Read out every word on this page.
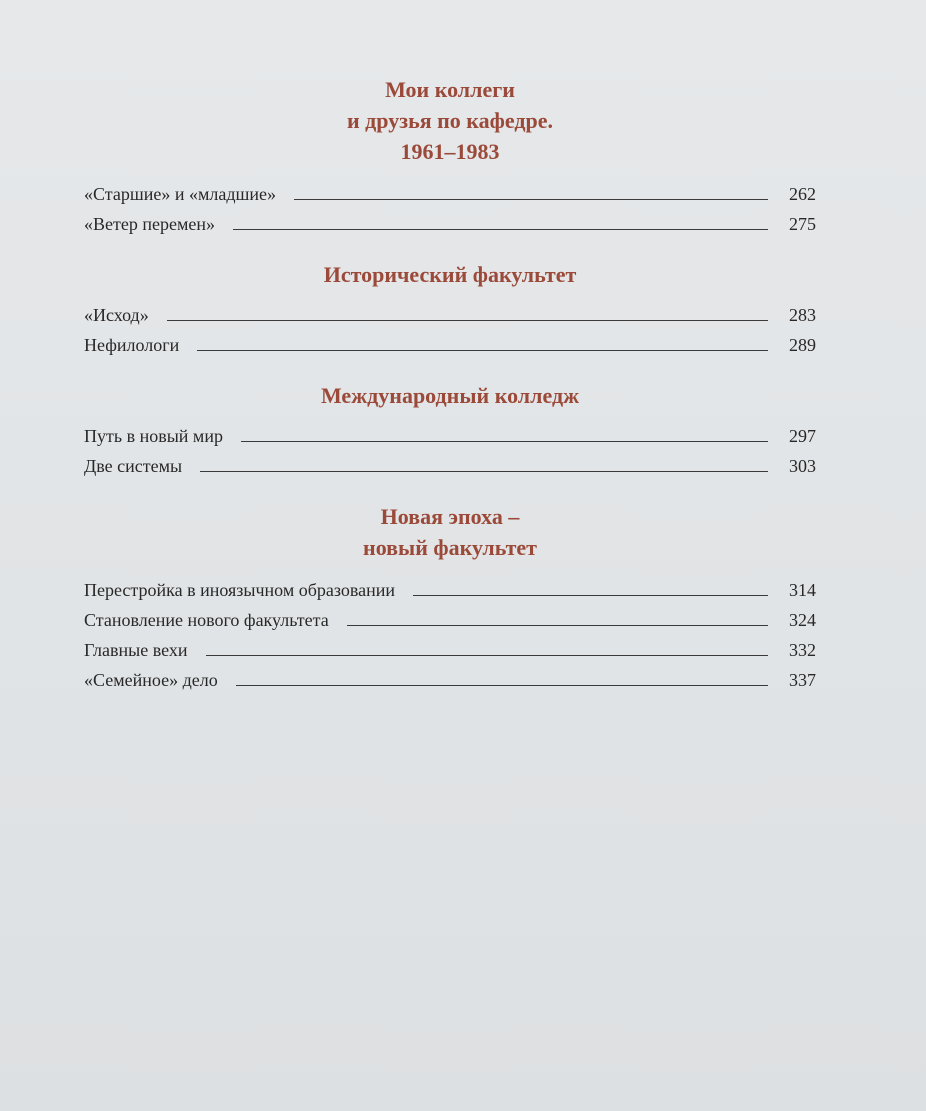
Мои коллеги
и друзья по кафедре.
1961–1983
«Старшие» и «младшие»	262
«Ветер перемен»	275
Исторический факультет
«Исход»	283
Нефилологи	289
Международный колледж
Путь в новый мир	297
Две системы	303
Новая эпоха –
новый факультет
Перестройка в иноязычном образовании	314
Становление нового факультета	324
Главные вехи	332
«Семейное» дело	337
